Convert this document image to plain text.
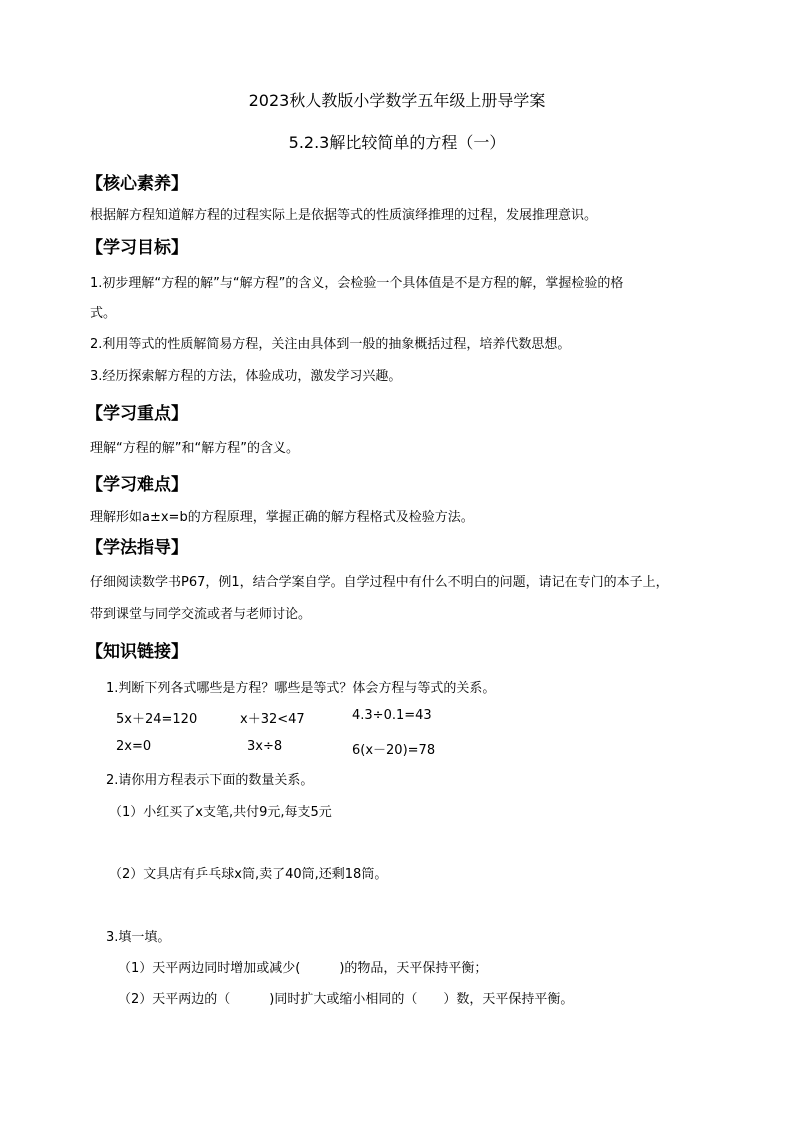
2023秋人教版小学数学五年级上册导学案
5.2.3解比较简单的方程（一）
【核心素养】
根据解方程知道解方程的过程实际上是依据等式的性质演绎推理的过程，发展推理意识。
【学习目标】
1.初步理解“方程的解”与“解方程”的含义，会检验一个具体值是不是方程的解，掌握检验的格
式。
2.利用等式的性质解简易方程，关注由具体到一般的抽象概括过程，培养代数思想。
3.经历探索解方程的方法，体验成功，激发学习兴趣。
【学习重点】
理解“方程的解”和“解方程”的含义。
【学习难点】
理解形如a±x=b的方程原理，掌握正确的解方程格式及检验方法。
【学法指导】
仔细阅读数学书P67，例1，结合学案自学。自学过程中有什么不明白的问题，请记在专门的本子上，
带到课堂与同学交流或者与老师讨论。
【知识链接】
1.判断下列各式哪些是方程？哪些是等式？体会方程与等式的关系。
5x＋24=120	x＋32<47	4.3÷0.1=43
2x=0	3x÷8	6(x－20)=78
2.请你用方程表示下面的数量关系。
（1）小红买了x支笔,共付9元,每支5元
（2）文具店有乒乓球x筒,卖了40筒,还剩18筒。
3.填一填。
（1）天平两边同时增加或减少(　　　)的物品，天平保持平衡；
（2）天平两边的（　　　)同时扩大或缩小相同的（　　）数，天平保持平衡。
